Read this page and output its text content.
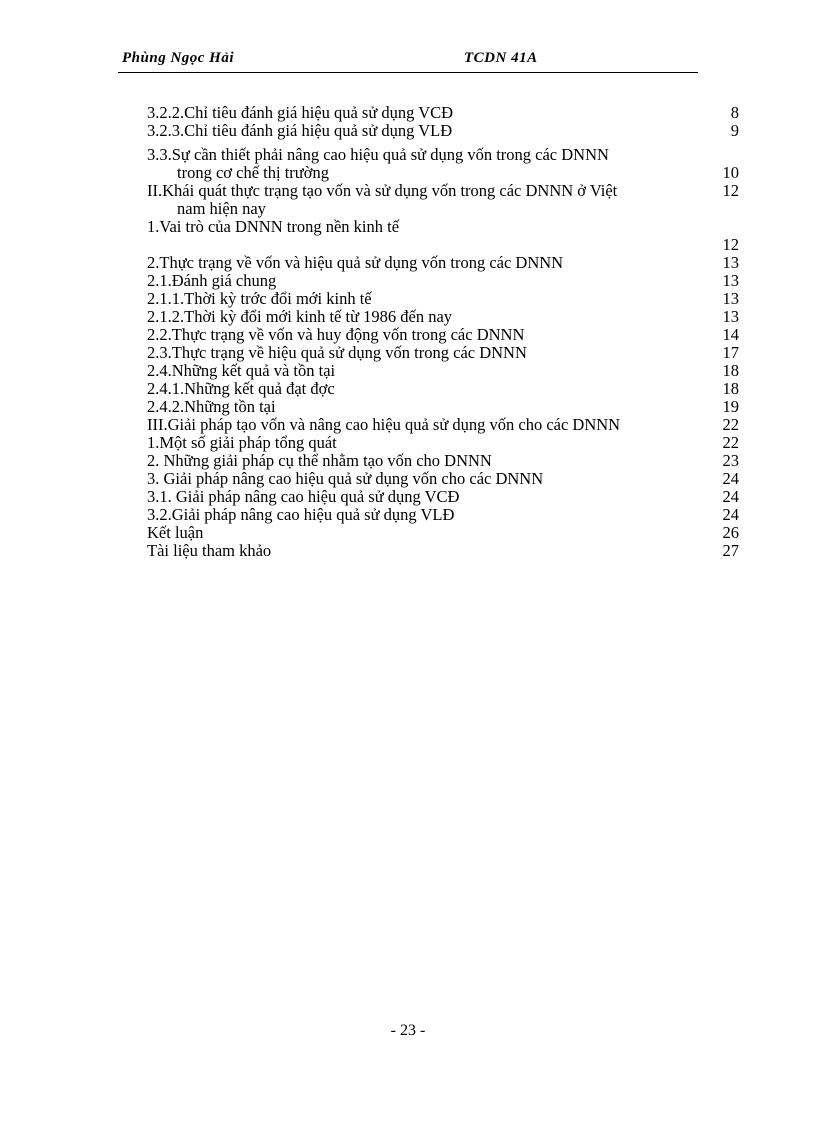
Phùng Ngọc Hải	TCDN 41A
3.2.2.Chỉ tiêu đánh giá hiệu quả sử dụng VCĐ	8
3.2.3.Chỉ tiêu đánh giá hiệu quả sử dụng VLĐ	9
3.3.Sự cần thiết phải nâng cao hiệu quả sử dụng vốn trong các DNNN
trong cơ chế thị trường	10
II.Khái quát thực trạng tạo vốn và sử dụng vốn trong các DNNN ở Việt	12
nam hiện nay
1.Vai trò của DNNN trong nền kinh tế
12
2.Thực trạng về vốn và hiệu quả sử dụng vốn trong các DNNN	13
2.1.Đánh giá chung	13
2.1.1.Thời kỳ trớc đổi mới kinh tế	13
2.1.2.Thời kỳ đổi mới kinh tế từ 1986 đến nay	13
2.2.Thực trạng về vốn và huy động vốn trong các DNNN	14
2.3.Thực trạng về hiệu quả sử dụng vốn trong các DNNN	17
2.4.Những kết quả và tồn tại	18
2.4.1.Những kết quả đạt đợc	18
2.4.2.Những tồn tại	19
III.Giải pháp tạo vốn và nâng cao hiệu quả sử dụng vốn cho các DNNN	22
1.Một số giải pháp tổng quát	22
2. Những giải pháp cụ thể nhằm tạo vốn cho DNNN	23
3. Giải pháp nâng cao hiệu quả sử dụng vốn cho các DNNN	24
3.1. Giải pháp nâng cao hiệu quả sử dụng VCĐ	24
3.2.Giải pháp nâng cao hiệu quả sử dụng VLĐ	24
Kết luận	26
Tài liệu tham khảo	27
- 23 -
